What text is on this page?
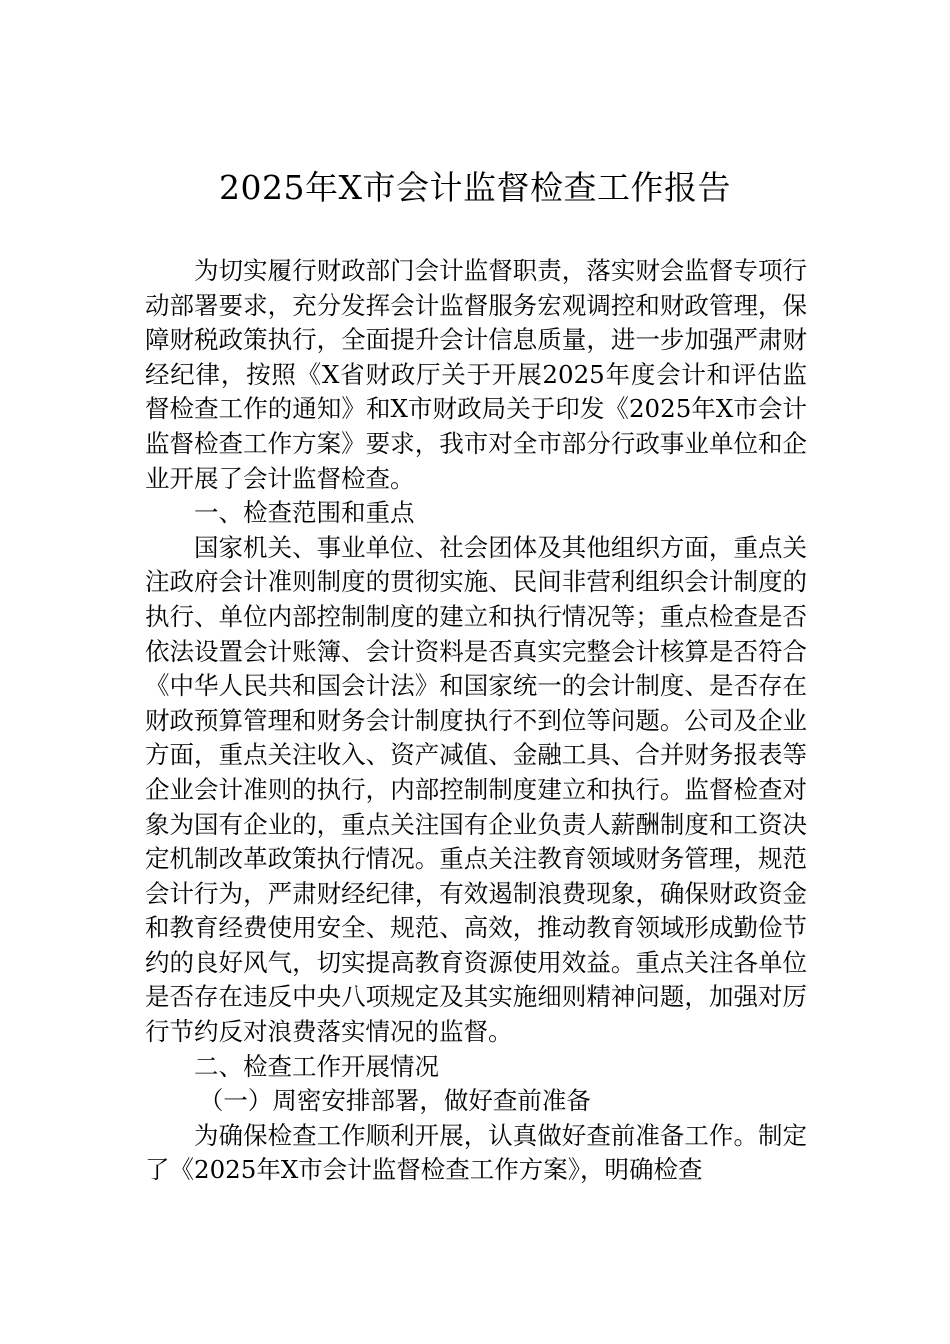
2025年X市会计监督检查工作报告

为切实履行财政部门会计监督职责，落实财会监督专项行动部署要求，充分发挥会计监督服务宏观调控和财政管理，保障财税政策执行，全面提升会计信息质量，进一步加强严肃财经纪律，按照《X省财政厅关于开展2025年度会计和评估监督检查工作的通知》和X市财政局关于印发《2025年X市会计监督检查工作方案》要求，我市对全市部分行政事业单位和企业开展了会计监督检查。

一、检查范围和重点

国家机关、事业单位、社会团体及其他组织方面，重点关注政府会计准则制度的贯彻实施、民间非营利组织会计制度的执行、单位内部控制制度的建立和执行情况等；重点检查是否依法设置会计账簿、会计资料是否真实完整会计核算是否符合《中华人民共和国会计法》和国家统一的会计制度、是否存在财政预算管理和财务会计制度执行不到位等问题。公司及企业方面，重点关注收入、资产减值、金融工具、合并财务报表等企业会计准则的执行，内部控制制度建立和执行。监督检查对象为国有企业的，重点关注国有企业负责人薪酬制度和工资决定机制改革政策执行情况。重点关注教育领域财务管理，规范会计行为，严肃财经纪律，有效遏制浪费现象，确保财政资金和教育经费使用安全、规范、高效，推动教育领域形成勤俭节约的良好风气，切实提高教育资源使用效益。重点关注各单位是否存在违反中央八项规定及其实施细则精神问题，加强对厉行节约反对浪费落实情况的监督。

二、检查工作开展情况

（一）周密安排部署，做好查前准备

为确保检查工作顺利开展，认真做好查前准备工作。制定了《2025年X市会计监督检查工作方案》，明确检查
